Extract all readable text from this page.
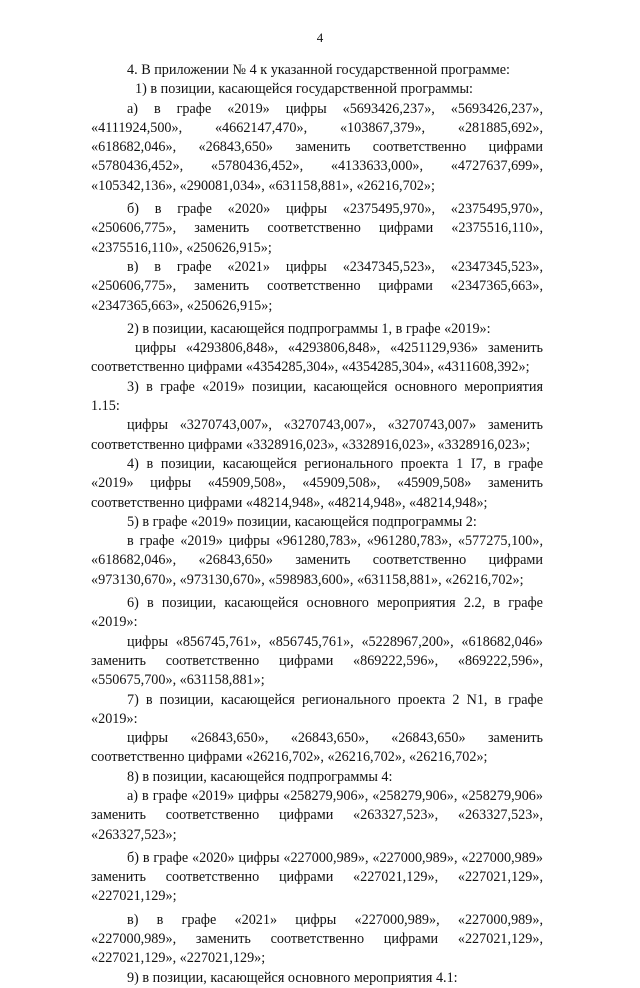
4

4. В приложении № 4 к указанной государственной программе:

1) в позиции, касающейся государственной программы:

а) в графе «2019» цифры «5693426,237», «5693426,237», «4111924,500», «4662147,470», «103867,379», «281885,692», «618682,046», «26843,650» заменить соответственно цифрами «5780436,452», «5780436,452», «4133633,000», «4727637,699», «105342,136», «290081,034», «631158,881», «26216,702»;

б) в графе «2020» цифры «2375495,970», «2375495,970», «250606,775», заменить соответственно цифрами «2375516,110», «2375516,110», «250626,915»;

в) в графе «2021» цифры «2347345,523», «2347345,523», «250606,775», заменить соответственно цифрами «2347365,663», «2347365,663», «250626,915»;

2) в позиции, касающейся подпрограммы 1, в графе «2019»:

цифры «4293806,848», «4293806,848», «4251129,936» заменить соответственно цифрами «4354285,304», «4354285,304», «4311608,392»;

3) в графе «2019» позиции, касающейся основного мероприятия 1.15:

цифры «3270743,007», «3270743,007», «3270743,007» заменить соответственно цифрами «3328916,023», «3328916,023», «3328916,023»;

4) в позиции, касающейся регионального проекта 1 I7, в графе «2019» цифры «45909,508», «45909,508», «45909,508» заменить соответственно цифрами «48214,948», «48214,948», «48214,948»;

5) в графе «2019» позиции, касающейся подпрограммы 2:

в графе «2019» цифры «961280,783», «961280,783», «577275,100», «618682,046», «26843,650» заменить соответственно цифрами «973130,670», «973130,670», «598983,600», «631158,881», «26216,702»;

6) в позиции, касающейся основного мероприятия 2.2, в графе «2019»:

цифры «856745,761», «856745,761», «5228967,200», «618682,046» заменить соответственно цифрами «869222,596», «869222,596», «550675,700», «631158,881»;

7) в позиции, касающейся регионального проекта 2 N1, в графе «2019»:

цифры «26843,650», «26843,650», «26843,650» заменить соответственно цифрами «26216,702», «26216,702», «26216,702»;

8) в позиции, касающейся подпрограммы 4:

а) в графе «2019» цифры «258279,906», «258279,906», «258279,906» заменить соответственно цифрами «263327,523», «263327,523», «263327,523»;

б) в графе «2020» цифры «227000,989», «227000,989», «227000,989» заменить соответственно цифрами «227021,129», «227021,129», «227021,129»;

в) в графе «2021» цифры «227000,989», «227000,989», «227000,989», заменить соответственно цифрами «227021,129», «227021,129», «227021,129»;

9) в позиции, касающейся основного мероприятия 4.1:
